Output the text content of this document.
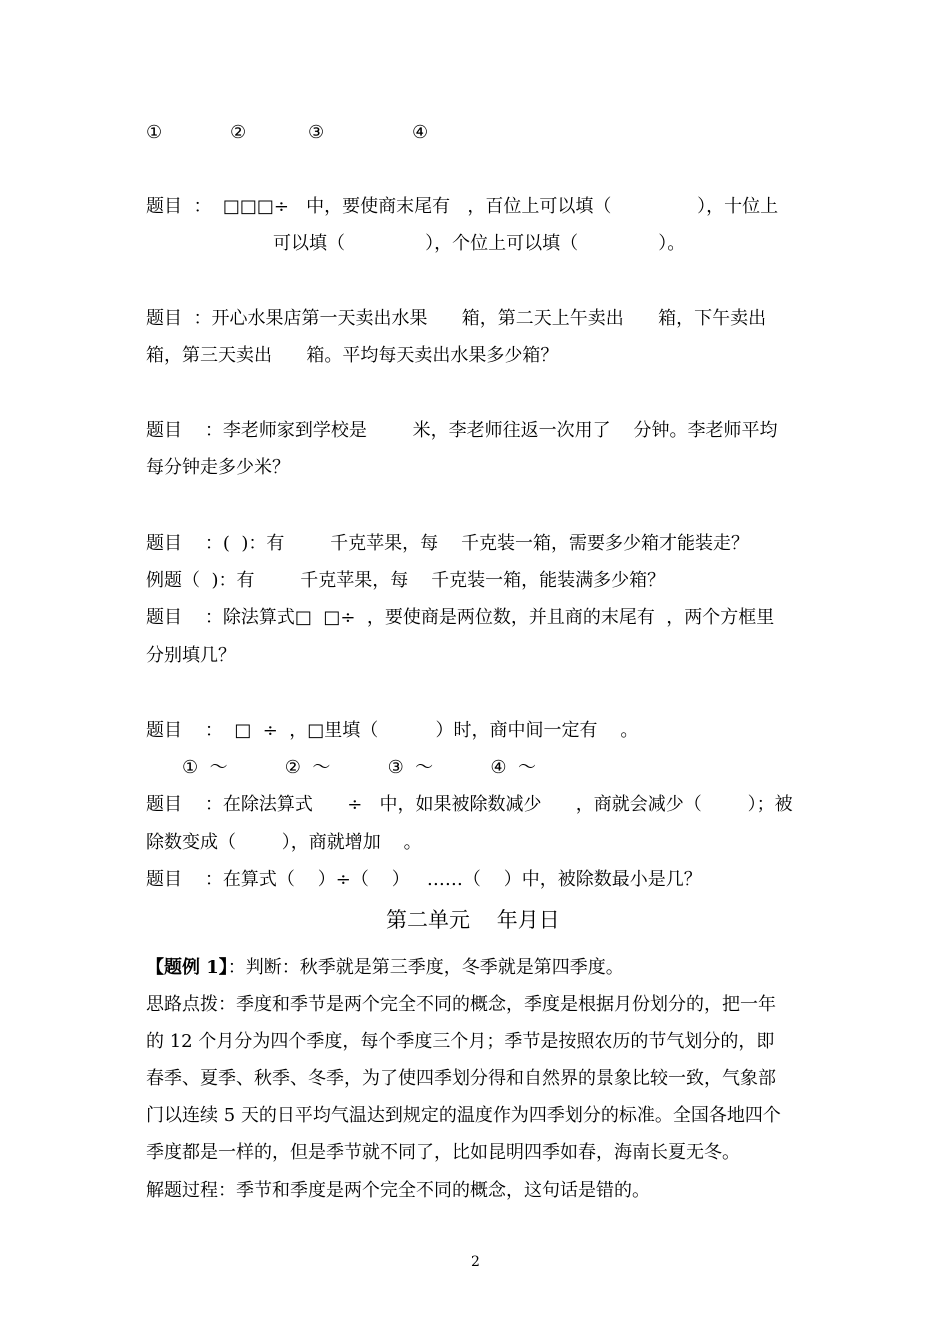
①	②	③	④
题目  ：  □□□÷   中，要使商末尾有   ，百位上可以填（               ），十位上
可以填（              ），个位上可以填（              ）。
题目  ：开心水果店第一天卖出水果      箱，第二天上午卖出      箱，下午卖出
箱，第三天卖出      箱。平均每天卖出水果多少箱？
题目    ：李老师家到学校是        米，李老师往返一次用了    分钟。李老师平均
每分钟走多少米？
题目    ：(  )：有        千克苹果，每    千克装一箱，需要多少箱才能装走？
例题（  )：有        千克苹果，每    千克装一箱，能装满多少箱？
题目    ：除法算式□  □÷  ，要使商是两位数，并且商的末尾有  ，两个方框里
分别填几？
题目    ：  □  ÷  ，□里填（          ）时，商中间一定有    。
①  ～          ②  ～          ③  ～          ④  ～
题目    ：在除法算式      ÷   中，如果被除数减少      ，商就会减少（        ）；被
除数变成（        ），商就增加    。
题目    ：在算式（    ）÷（    ）   ……（    ）中，被除数最小是几？
第二单元    年月日
【题例 1】：判断：秋季就是第三季度，冬季就是第四季度。
思路点拨：季度和季节是两个完全不同的概念，季度是根据月份划分的，把一年
的 12 个月分为四个季度，每个季度三个月；季节是按照农历的节气划分的，即
春季、夏季、秋季、冬季，为了使四季划分得和自然界的景象比较一致，气象部
门以连续 5 天的日平均气温达到规定的温度作为四季划分的标准。全国各地四个
季度都是一样的，但是季节就不同了，比如昆明四季如春，海南长夏无冬。
解题过程：季节和季度是两个完全不同的概念，这句话是错的。
2
